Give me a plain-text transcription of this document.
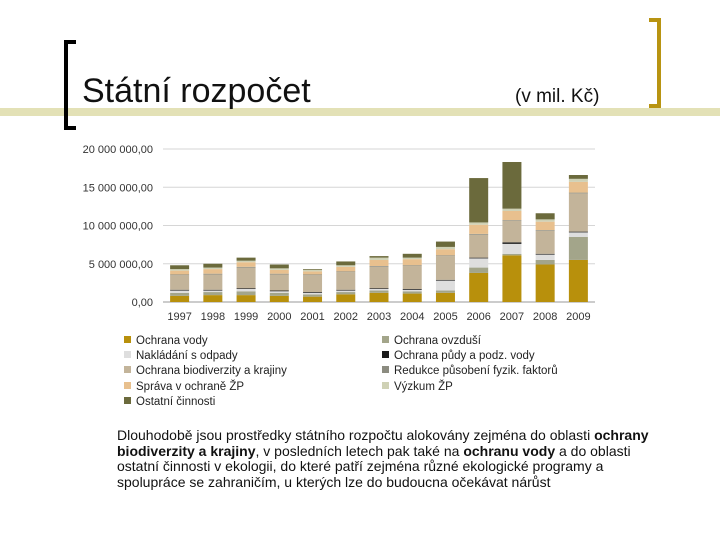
Státní rozpočet	(v mil. Kč)
0,00
5 000 000,00
10 000 000,00
15 000 000,00
20 000 000,00
1997 1998 1999 2000 2001 2002 2003 2004 2005 2006 2007 2008 2009
Ochrana vody
Nakládání s odpady
Ochrana biodiverzity a krajiny
Správa v ochraně ŽP
Ostatní činnosti
Ochrana ovzduší
Ochrana půdy a podz. vody
Redukce působení fyzik. faktorů
Výzkum ŽP
Dlouhodobě jsou prostředky státního rozpočtu alokovány zejména do oblasti ochrany biodiverzity a krajiny, v posledních letech pak také na ochranu vody a do oblasti ostatní činnosti v ekologii, do které patří zejména různé ekologické programy a spolupráce se zahraničím, u kterých lze do budoucna očekávat nárůst
